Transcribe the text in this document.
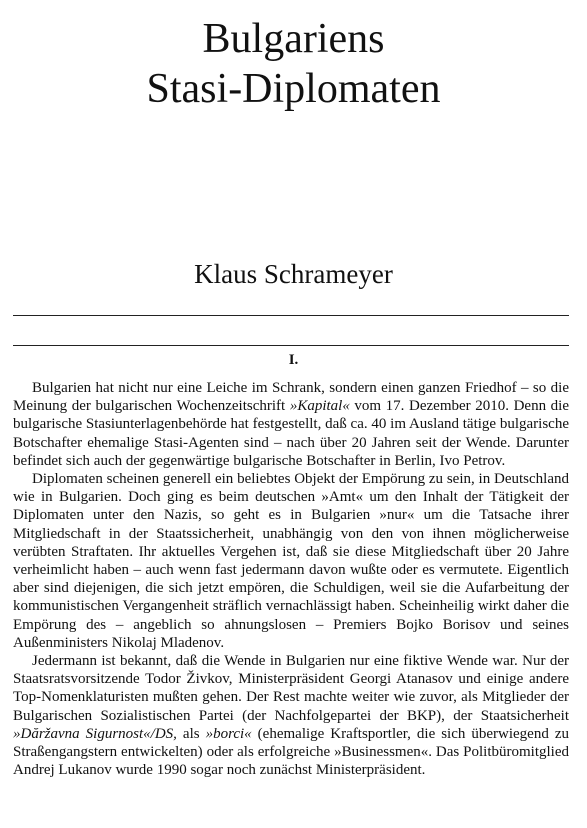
Bulgariens
Stasi-Diplomaten
Klaus Schrameyer
I.

Bulgarien hat nicht nur eine Leiche im Schrank, sondern einen ganzen Friedhof – so die Meinung der bulgarischen Wochenzeitschrift »Kapital« vom 17. Dezember 2010. Denn die bulgarische Stasiunterlagenbehörde hat festgestellt, daß ca. 40 im Ausland tätige bulgarische Botschafter ehemalige Stasi-Agenten sind – nach über 20 Jahren seit der Wende. Darunter befindet sich auch der gegenwärtige bulgarische Botschafter in Berlin, Ivo Petrov.

Diplomaten scheinen generell ein beliebtes Objekt der Empörung zu sein, in Deutschland wie in Bulgarien. Doch ging es beim deutschen »Amt« um den Inhalt der Tätigkeit der Diplomaten unter den Nazis, so geht es in Bulgarien »nur« um die Tatsache ihrer Mitgliedschaft in der Staatssicherheit, unabhängig von den von ihnen möglicherweise verübten Straftaten. Ihr aktuelles Vergehen ist, daß sie diese Mitgliedschaft über 20 Jahre verheimlicht haben – auch wenn fast jedermann davon wußte oder es vermutete. Eigentlich aber sind diejenigen, die sich jetzt empören, die Schuldigen, weil sie die Aufarbeitung der kommunistischen Vergangenheit sträflich vernachlässigt haben. Scheinheilig wirkt daher die Empörung des – angeblich so ahnungslosen – Premiers Bojko Borisov und seines Außenministers Nikolaj Mladenov.

Jedermann ist bekannt, daß die Wende in Bulgarien nur eine fiktive Wende war. Nur der Staatsratsvorsitzende Todor Živkov, Ministerpräsident Georgi Atanasov und einige andere Top-Nomenklaturisten mußten gehen. Der Rest machte weiter wie zuvor, als Mitglieder der Bulgarischen Sozialistischen Partei (der Nachfolgepartei der BKP), der Staatsicherheit »Dăržavna Sigurnost«/DS, als »borci« (ehemalige Kraftsportler, die sich überwiegend zu Straßengangstern entwickelten) oder als erfolgreiche »Businessmen«. Das Politbüromitglied Andrej Lukanov wurde 1990 sogar noch zunächst Ministerpräsident.
